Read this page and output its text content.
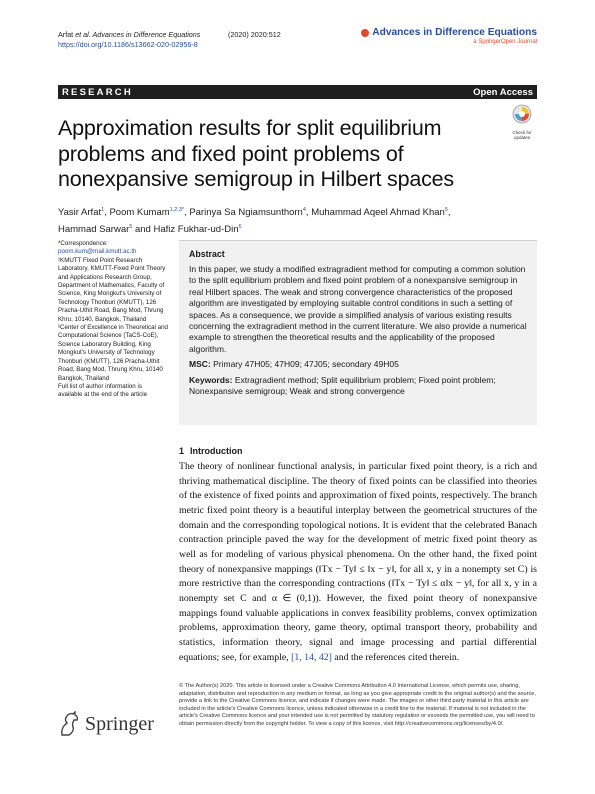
Arfat et al. Advances in Difference Equations
https://doi.org/10.1186/s13662-020-02956-8
(2020) 2020:512	Advances in Difference Equations
a SpringerOpen Journal
RESEARCH	Open Access
Approximation results for split equilibrium problems and fixed point problems of nonexpansive semigroup in Hilbert spaces
Check for updates
Yasir Arfat$^1$, Poom Kumam$^{1,2,3*}$, Parinya Sa Ngiamsunthorn$^4$, Muhammad Aqeel Ahmad Khan$^5$,
Hammad Sarwar$^5$ and Hafiz Fukhar-ud-Din$^6$
*Correspondence:
poom.kum@mail.kmutt.ac.th
¹KMUTT Fixed Point Research Laboratory, KMUTT-Fixed Point Theory and Applications Research Group, Department of Mathematics, Faculty of Science, King Mongkut's University of Technology Thonburi (KMUTT), 126 Pracha-Uthit Road, Bang Mod, Thrung Khru, 10140, Bangkok, Thailand
²Center of Excellence in Theoretical and Computational Science (TaCS-CoE), Science Laboratory Building, King Mongkut's University of Technology Thonburi (KMUTT), 126 Pracha-Uthit Road, Bang Mod, Thrung Khru, 10140 Bangkok, Thailand
Full list of author information is available at the end of the article
Abstract
In this paper, we study a modified extragradient method for computing a common solution to the split equilibrium problem and fixed point problem of a nonexpansive semigroup in real Hilbert spaces. The weak and strong convergence characteristics of the proposed algorithm are investigated by employing suitable control conditions in such a setting of spaces. As a consequence, we provide a simplified analysis of various existing results concerning the extragradient method in the current literature. We also provide a numerical example to strengthen the theoretical results and the applicability of the proposed algorithm.
MSC: Primary 47H05; 47H09; 47J05; secondary 49H05
Keywords: Extragradient method; Split equilibrium problem; Fixed point problem; Nonexpansive semigroup; Weak and strong convergence
1 Introduction
The theory of nonlinear functional analysis, in particular fixed point theory, is a rich and thriving mathematical discipline. The theory of fixed points can be classified into theories of the existence of fixed points and approximation of fixed points, respectively. The branch metric fixed point theory is a beautiful interplay between the geometrical structures of the domain and the corresponding topological notions. It is evident that the celebrated Banach contraction principle paved the way for the development of metric fixed point theory as well as for modeling of various physical phenomena. On the other hand, the fixed point theory of nonexpansive mappings (‖Tx − Ty‖ ≤ ‖x − y‖, for all x, y in a nonempty set C) is more restrictive than the corresponding contractions (‖Tx − Ty‖ ≤ α‖x − y‖, for all x, y in a nonempty set C and α ∈ (0,1)). However, the fixed point theory of nonexpansive mappings found valuable applications in convex feasibility problems, convex optimization problems, approximation theory, game theory, optimal transport theory, probability and statistics, information theory, signal and image processing and partial differential equations; see, for example, [1, 14, 42] and the references cited therein.
© The Author(s) 2020. This article is licensed under a Creative Commons Attribution 4.0 International License, which permits use, sharing, adaptation, distribution and reproduction in any medium or format, as long as you give appropriate credit to the original author(s) and the source, provide a link to the Creative Commons licence, and indicate if changes were made. The images or other third party material in this article are included in the article's Creative Commons licence, unless indicated otherwise in a credit line to the material. If material is not included in the article's Creative Commons licence and your intended use is not permitted by statutory regulation or exceeds the permitted use, you will need to obtain permission directly from the copyright holder. To view a copy of this licence, visit http://creativecommons.org/licenses/by/4.0/.
Springer
